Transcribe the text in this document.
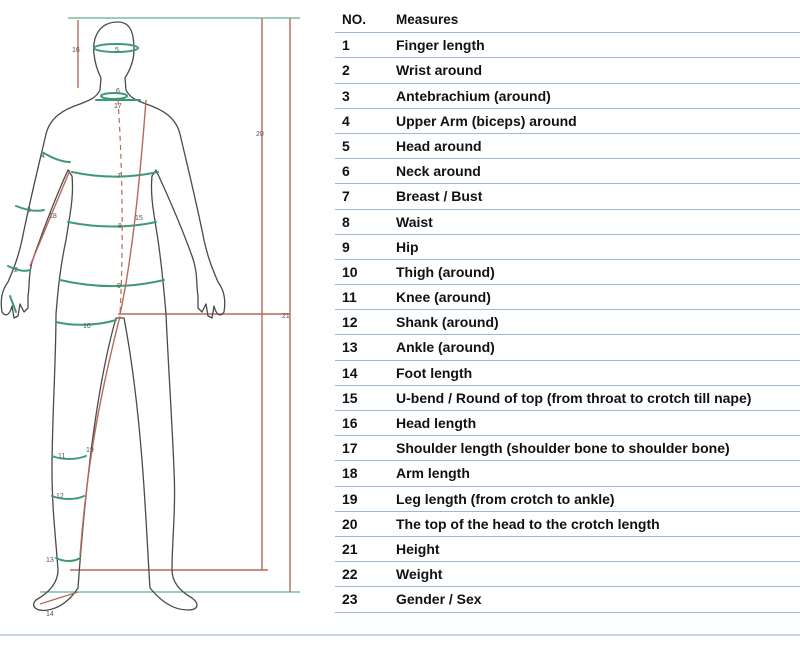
2
3
4
5
6
7
8
9
10
11
12
13
14
15
16
17
18
19
20
21
NO. Measures
1	Finger length
2	Wrist around
3	Antebrachium (around)
4	Upper Arm (biceps) around
5	Head around
6	Neck around
7	Breast / Bust
8	Waist
9	Hip
10	Thigh (around)
11	Knee (around)
12	Shank (around)
13	Ankle (around)
14	Foot length
15	U-bend / Round of top (from throat to crotch till nape)
16	Head length
17	Shoulder length (shoulder bone to shoulder bone)
18	Arm length
19	Leg length (from crotch to ankle)
20	The top of the head to the crotch length
21	Height
22	Weight
23	Gender / Sex
